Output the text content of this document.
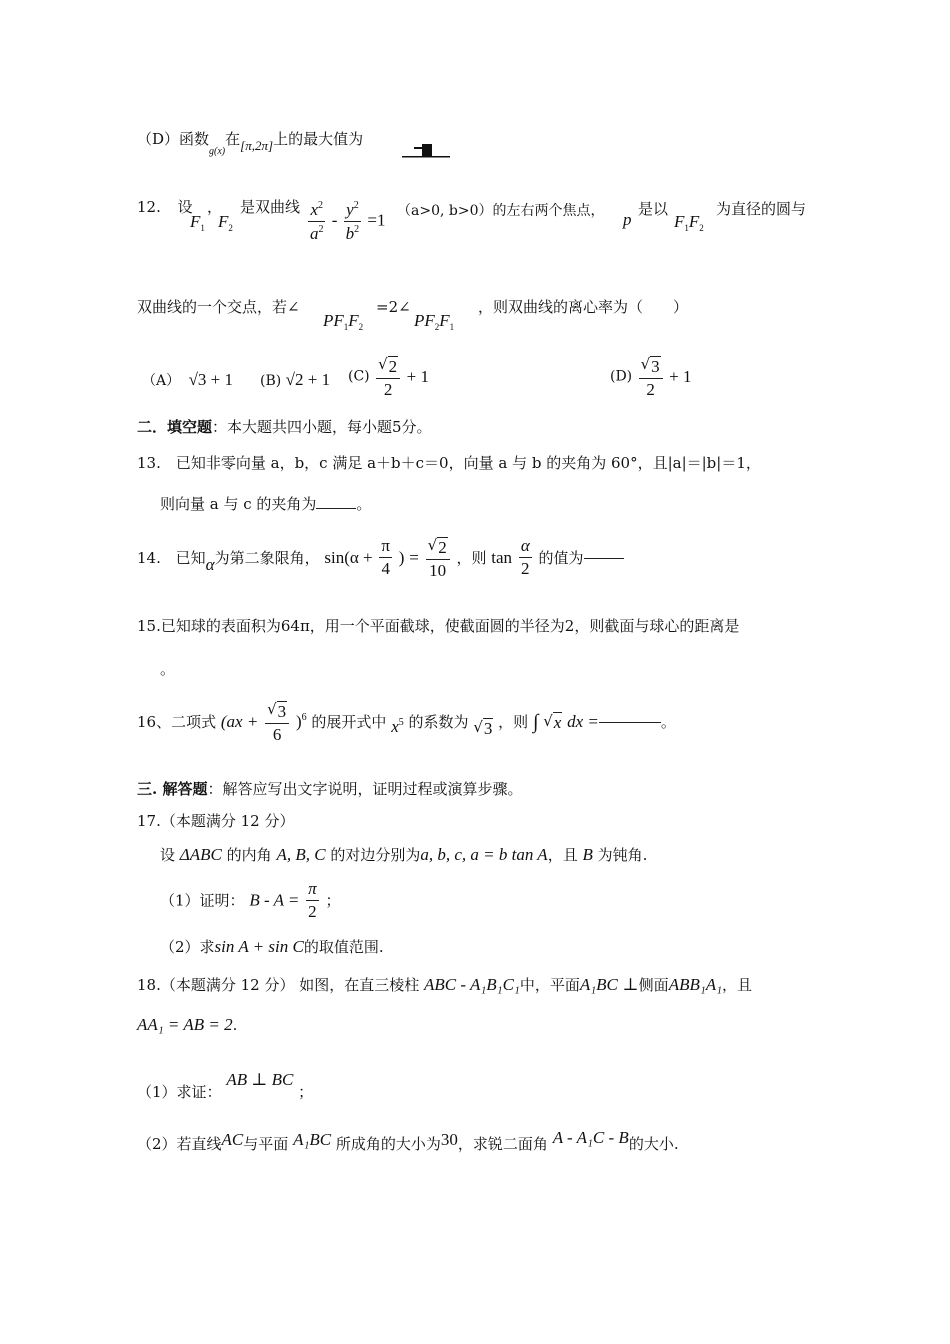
（D）函数$_{g(x)}$在[π,2π]上的最大值为
12. 设
$F_1$
，
$F_2$
是双曲线 $\frac{x^2}{a^2} - \frac{y^2}{b^2} =1$ （a>0, b>0）的左右两个焦点， p
是以
$F_1F_2$
为直径的圆与
双曲线的一个交点，若∠
$PF_1F_2$
=2∠
$PF_2F_1$
，则双曲线的离心率为（　　）
（A） √3 + 1 (B) √2 + 1 $(C) \frac{√ 2}{2} + 1$	$(D) \frac{√ 3}{2} + 1$
二．填空题：本大题共四小题，每小题5分。
13.　已知非零向量 a，b，c 满足 a＋b＋c＝0，向量 a 与 b 的夹角为 60°，且|a|＝|b|＝1，
则向量 a 与 c 的夹角为	。
14. 已知α为第二象限角， $\sin(\alpha + \frac{\pi}{4}$ ) = $\frac{√ 2}{10}$ ，则 $\tan \frac{\alpha}{2}$ 的值为
15.已知球的表面积为64π，用一个平面截球，使截面圆的半径为2，则截面与球心的距离是
。
16、二项式 $(ax + \frac{√ 3}{6} )^6$ 的展开式中 $x^5$ 的系数为 √ 3 ，则 ∫ √ x dx =	。
三. 解答题：解答应写出文字说明，证明过程或演算步骤。
17.（本题满分 12 分）
设 ΔABC 的内角 A, B, C 的对边分别为a, b, c, a = b tan A，且 B 为钝角.
（1）证明： $B - A = \frac{\pi}{2}$ ；
（2）求sin A + sin C的取值范围.
18.（本题满分 12 分） 如图，在直三棱柱 ABC - A₁B₁C₁中，平面A₁BC ⊥侧面ABB₁A₁，且
AA₁ = AB = 2.
（1）求证： AB ⊥ BC ；
（2）若直线AC与平面 A₁BC 所成角的大小为30，求锐二面角 A - A₁C - B的大小.
